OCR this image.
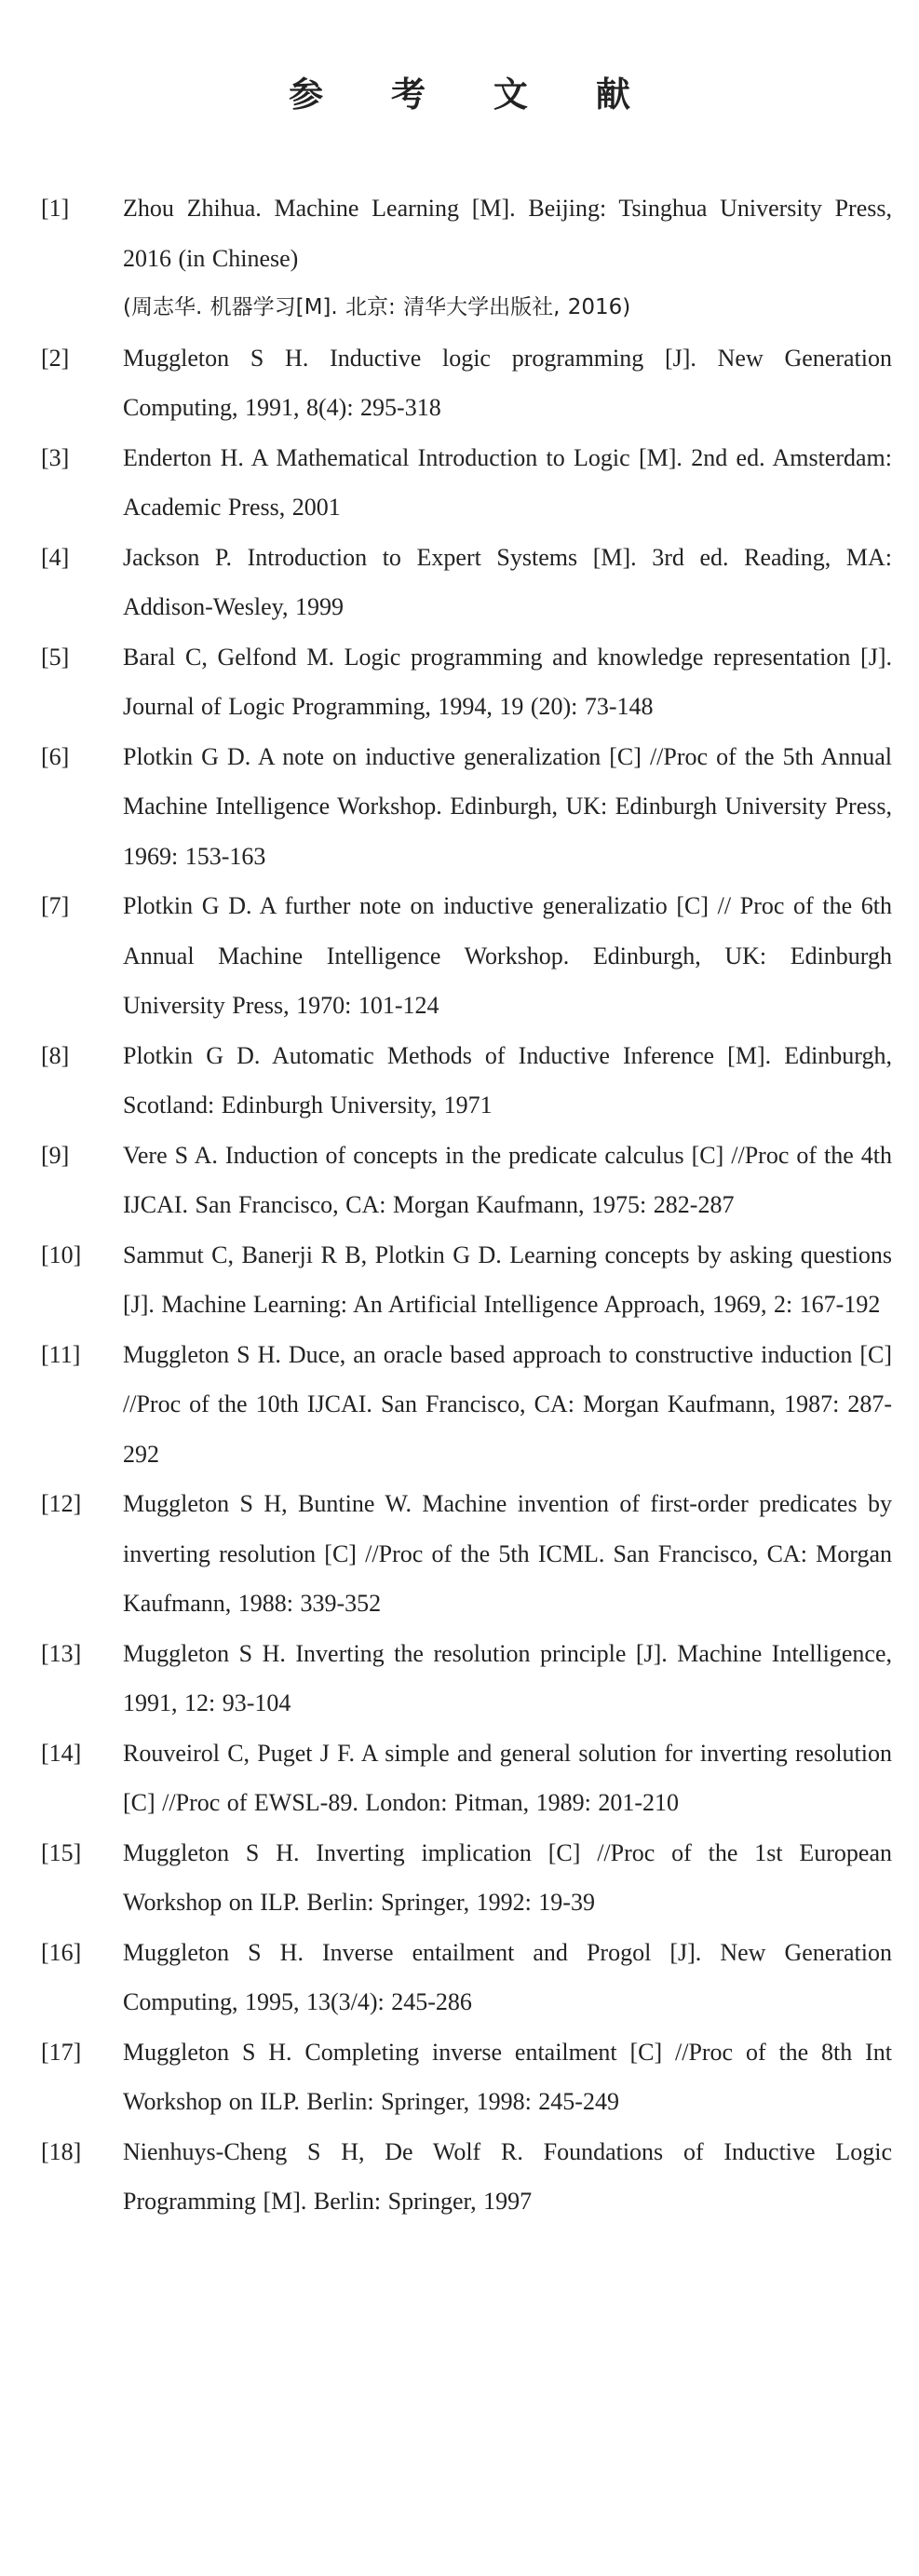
参 考 文 献
[1]	Zhou Zhihua. Machine Learning [M]. Beijing: Tsinghua University Press, 2016 (in Chinese)
(周志华. 机器学习[M]. 北京: 清华大学出版社, 2016)
[2]	Muggleton S H. Inductive logic programming [J]. New Generation Computing, 1991, 8(4): 295-318
[3]	Enderton H. A Mathematical Introduction to Logic [M]. 2nd ed. Amsterdam: Academic Press, 2001
[4]	Jackson P. Introduction to Expert Systems [M]. 3rd ed. Reading, MA: Addison-Wesley, 1999
[5]	Baral C, Gelfond M. Logic programming and knowledge representation [J]. Journal of Logic Programming, 1994, 19 (20): 73-148
[6]	Plotkin G D. A note on inductive generalization [C] //Proc of the 5th Annual Machine Intelligence Workshop. Edinburgh, UK: Edinburgh University Press, 1969: 153-163
[7]	Plotkin G D. A further note on inductive generalizatio [C] // Proc of the 6th Annual Machine Intelligence Workshop. Edinburgh, UK: Edinburgh University Press, 1970: 101-124
[8]	Plotkin G D. Automatic Methods of Inductive Inference [M]. Edinburgh, Scotland: Edinburgh University, 1971
[9]	Vere S A. Induction of concepts in the predicate calculus [C] //Proc of the 4th IJCAI. San Francisco, CA: Morgan Kaufmann, 1975: 282-287
[10]	Sammut C, Banerji R B, Plotkin G D. Learning concepts by asking questions [J]. Machine Learning: An Artificial Intelligence Approach, 1969, 2: 167-192
[11]	Muggleton S H. Duce, an oracle based approach to constructive induction [C] //Proc of the 10th IJCAI. San Francisco, CA: Morgan Kaufmann, 1987: 287-292
[12]	Muggleton S H, Buntine W. Machine invention of first-order predicates by inverting resolution [C] //Proc of the 5th ICML. San Francisco, CA: Morgan Kaufmann, 1988: 339-352
[13]	Muggleton S H. Inverting the resolution principle [J]. Machine Intelligence, 1991, 12: 93-104
[14]	Rouveirol C, Puget J F. A simple and general solution for inverting resolution [C] //Proc of EWSL-89. London: Pitman, 1989: 201-210
[15]	Muggleton S H. Inverting implication [C] //Proc of the 1st European Workshop on ILP. Berlin: Springer, 1992: 19-39
[16]	Muggleton S H. Inverse entailment and Progol [J]. New Generation Computing, 1995, 13(3/4): 245-286
[17]	Muggleton S H. Completing inverse entailment [C] //Proc of the 8th Int Workshop on ILP. Berlin: Springer, 1998: 245-249
[18]	Nienhuys-Cheng S H, De Wolf R. Foundations of Inductive Logic Programming [M]. Berlin: Springer, 1997
